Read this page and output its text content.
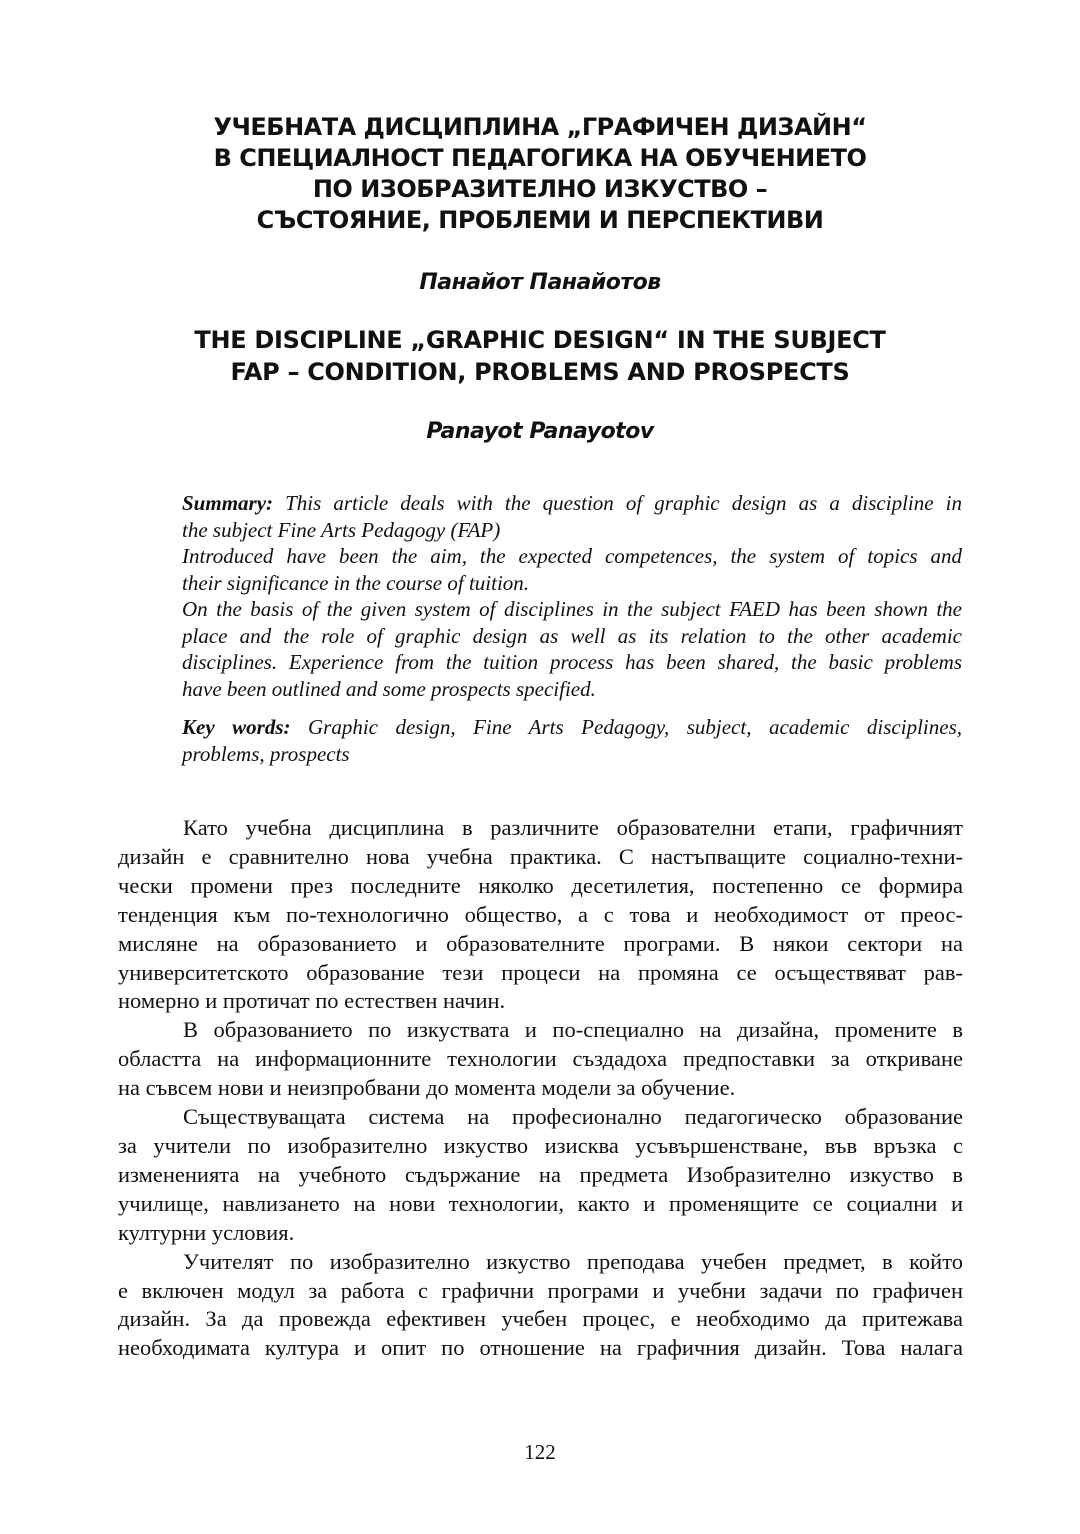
УЧЕБНАТА ДИСЦИПЛИНА „ГРАФИЧЕН ДИЗАЙН“
В СПЕЦИАЛНОСТ ПЕДАГОГИКА НА ОБУЧЕНИЕТО
ПО ИЗОБРАЗИТЕЛНО ИЗКУСТВО –
СЪСТОЯНИЕ, ПРОБЛЕМИ И ПЕРСПЕКТИВИ
Панайот Панайотов
THE DISCIPLINE „GRAPHIC DESIGN“ IN THE SUBJECT
FAP – CONDITION, PROBLEMS AND PROSPECTS
Panayot Panayotov
Summary: This article deals with the question of graphic design as a discipline in
the subject Fine Arts Pedagogy (FAP)
Introduced have been the aim, the expected competences, the system of topics and
their significance in the course of tuition.
On the basis of the given system of disciplines in the subject FAED has been shown the
place and the role of graphic design as well as its relation to the other academic
disciplines. Experience from the tuition process has been shared, the basic problems
have been outlined and some prospects specified.
Key words: Graphic design, Fine Arts Pedagogy, subject, academic disciplines,
problems, prospects
Като учебна дисциплина в различните образователни етапи, графичният
дизайн е сравнително нова учебна практика. С настъпващите социално-техни-
чески промени през последните няколко десетилетия, постепенно се формира
тенденция към по-технологично общество, а с това и необходимост от преос-
мисляне на образованието и образователните програми. В някои сектори на
университетското образование тези процеси на промяна се осъществяват рав-
номерно и протичат по естествен начин.
В образованието по изкуствата и по-специално на дизайна, промените в
областта на информационните технологии създадоха предпоставки за откриване
на съвсем нови и неизпробвани до момента модели за обучение.
Съществуващата система на професионално педагогическо образование
за учители по изобразително изкуство изисква усъвършенстване, във връзка с
измененията на учебното съдържание на предмета Изобразително изкуство в
училище, навлизането на нови технологии, както и променящите се социални и
културни условия.
Учителят по изобразително изкуство преподава учебен предмет, в който
е включен модул за работа с графични програми и учебни задачи по графичен
дизайн. За да провежда ефективен учебен процес, е необходимо да притежава
необходимата култура и опит по отношение на графичния дизайн. Това налага
122
